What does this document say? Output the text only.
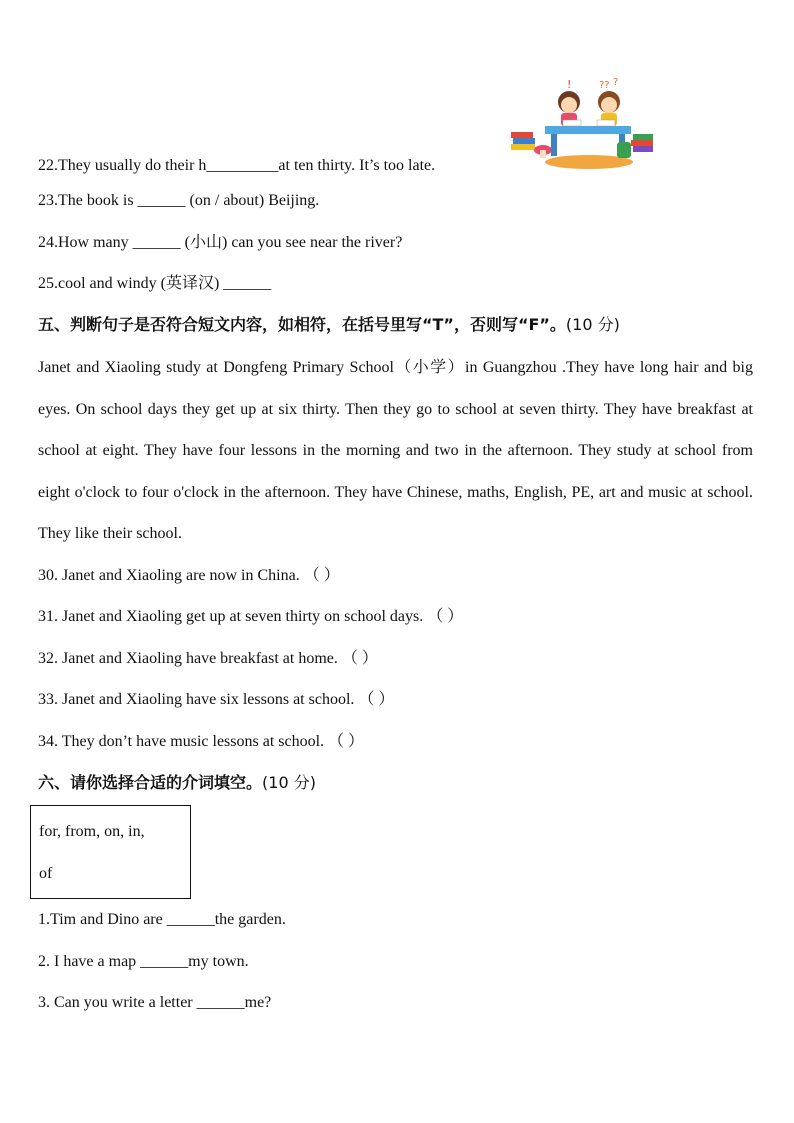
!	?? ?
22.They usually do their h_________at ten thirty. It’s too late.
23.The book is ______ (on / about) Beijing.
24.How many ______ (小山) can you see near the river?
25.cool and windy (英译汉) ______
五、判断句子是否符合短文内容，如相符，在括号里写“T”，否则写“F”。(10 分)
Janet and Xiaoling study at Dongfeng Primary School（小学）in Guangzhou .They have long hair and big eyes. On school days they get up at six thirty. Then they go to school at seven thirty. They have breakfast at school at eight. They have four lessons in the morning and two in the afternoon. They study at school from eight o'clock to four o'clock in the afternoon. They have Chinese, maths, English, PE, art and music at school. They like their school.
30. Janet and Xiaoling are now in China. （ ）
31. Janet and Xiaoling get up at seven thirty on school days. （ ）
32. Janet and Xiaoling have breakfast at home. （ ）
33. Janet and Xiaoling have six lessons at school. （ ）
34. They don’t have music lessons at school. （ ）
六、请你选择合适的介词填空。(10 分)
for, from, on, in,
of
1.Tim and Dino are ______the garden.
2. I have a map ______my town.
3. Can you write a letter ______me?
